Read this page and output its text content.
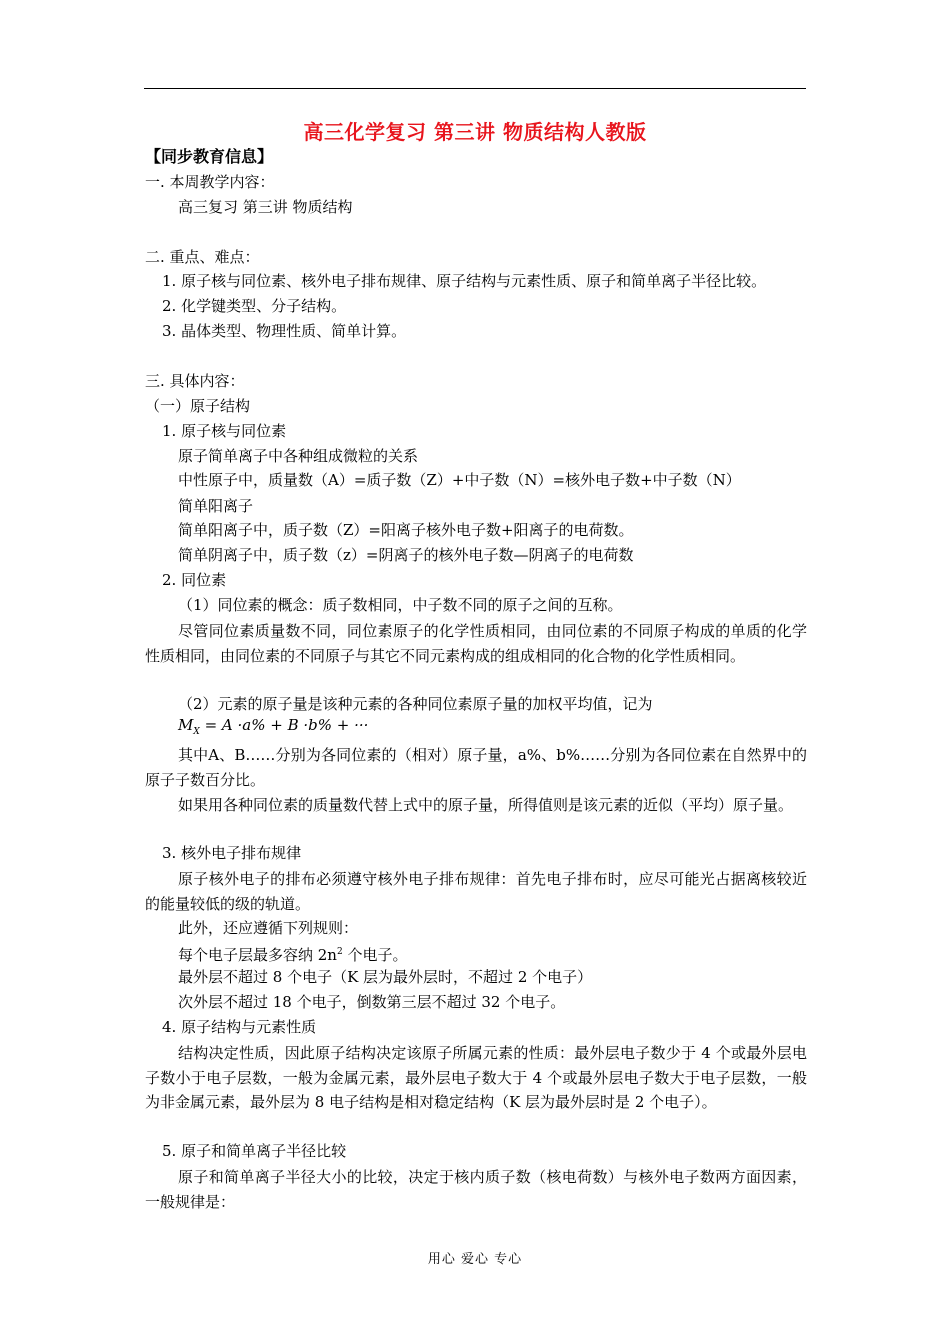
高三化学复习 第三讲 物质结构人教版
【同步教育信息】
一. 本周教学内容：
高三复习 第三讲 物质结构
二. 重点、难点：
1. 原子核与同位素、核外电子排布规律、原子结构与元素性质、原子和简单离子半径比较。
2. 化学键类型、分子结构。
3. 晶体类型、物理性质、简单计算。
三. 具体内容：
（一）原子结构
1. 原子核与同位素
原子简单离子中各种组成微粒的关系
中性原子中，质量数（A）=质子数（Z）+中子数（N）=核外电子数+中子数（N）
简单阳离子
简单阳离子中，质子数（Z）=阳离子核外电子数+阳离子的电荷数。
简单阴离子中，质子数（z）=阴离子的核外电子数—阴离子的电荷数
2. 同位素
（1）同位素的概念：质子数相同，中子数不同的原子之间的互称。
尽管同位素质量数不同，同位素原子的化学性质相同，由同位素的不同原子构成的单质的化学性质相同，由同位素的不同原子与其它不同元素构成的组成相同的化合物的化学性质相同。
（2）元素的原子量是该种元素的各种同位素原子量的加权平均值，记为
$M_X = A \cdot a\% + B \cdot b\%$ + ···
其中A、B……分别为各同位素的（相对）原子量，a%、b%……分别为各同位素在自然界中的原子子数百分比。
如果用各种同位素的质量数代替上式中的原子量，所得值则是该元素的近似（平均）原子量。
3. 核外电子排布规律
原子核外电子的排布必须遵守核外电子排布规律：首先电子排布时，应尽可能光占据离核较近的能量较低的级的轨道。
此外，还应遵循下列规则：
每个电子层最多容纳 $2n^2$ 个电子。
最外层不超过 8 个电子（K 层为最外层时，不超过 2 个电子）
次外层不超过 18 个电子，倒数第三层不超过 32 个电子。
4. 原子结构与元素性质
结构决定性质，因此原子结构决定该原子所属元素的性质：最外层电子数少于 4 个或最外层电子数小于电子层数，一般为金属元素，最外层电子数大于 4 个或最外层电子数大于电子层数，一般为非金属元素，最外层为 8 电子结构是相对稳定结构（K 层为最外层时是 2 个电子）。
5. 原子和简单离子半径比较
原子和简单离子半径大小的比较，决定于核内质子数（核电荷数）与核外电子数两方面因素，一般规律是：
用心 爱心 专心
